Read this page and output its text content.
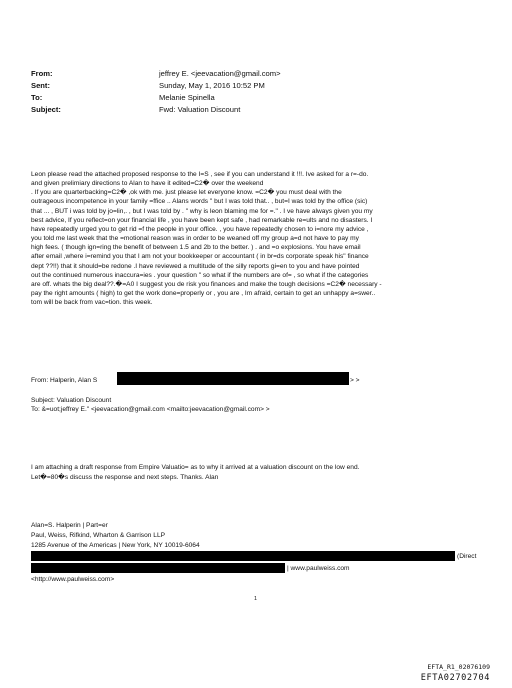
From:	jeffrey E. <jeevacation@gmail.com>
Sent:	Sunday, May 1, 2016 10:52 PM
To:	Melanie Spinella
Subject:	Fwd: Valuation Discount
Leon please read the attached proposed response to the I=S , see if you can understand it !!!. Ive asked for a r=-do.
and given prelimiary directions to Alan to have it edited=C2� over the weekend
. If you are quarterbacking=C2� ,ok with me. just please let everyone know. =C2� you must deal with the
outrageous incompetence in your family =ffice .. Alans words " but I was told that.. , but=I was told by the office (sic)
that ... , BUT i was told by jo=lin,. , but I was told by . " why is leon blaming me for =." . I ve have always given you my
best advice, If you reflect=on your financial life , you have been kept safe , had remarkable re=ults and no disasters. I
have repeatedly urged you to get rid =f the people in your office. , you have repeatedly chosen to i=nore my advice ,
you told me last week that the =motional reason was in order to be weaned off my group a=d not have to pay my
high fees. ( though ign=ring the benefit of between 1.5 and 2b to the better. ) . and =o explosions. You have email
after email ,where i=remind you that I am not your bookkeeper or accountant ( in br=ds corporate speak his" finance
dept ??!!) that it should=be redone .I have reviewed a multitude of the silly reports gi=en to you and have pointed
out the continued numerous inaccura=ies . your question " so what if the numbers are of= , so what if the categories
are off. whats the big deal??.�=A0 I suggest you de risk you finances and make the tough decisions =C2� necessary -
pay the right amounts ( high) to get the work done=properly or , you are , Im afraid, certain to get an unhappy a=swer..
tom will be back from vac=tion. this week.
From: Halperin, Alan S	> >
Subject: Valuation Discount
To: &=uot;jeffrey E." <jeevacation@gmail.com <mailto:jeevacation@gmail.com> >
I am attaching a draft response from Empire Valuatio= as to why it arrived at a valuation discount on the low end.
Let�=80�s discuss the response and next steps. Thanks. Alan
Alan=S. Halperin | Part=er
Paul, Weiss, Rifkind, Wharton & Garrison LLP
1285 Avenue of the Americas | New York, NY 10019-6064
(Direct
| www.paulweiss.com
<http://www.paulweiss.com>
1
EFTA_R1_02076109
EFTA02702704
